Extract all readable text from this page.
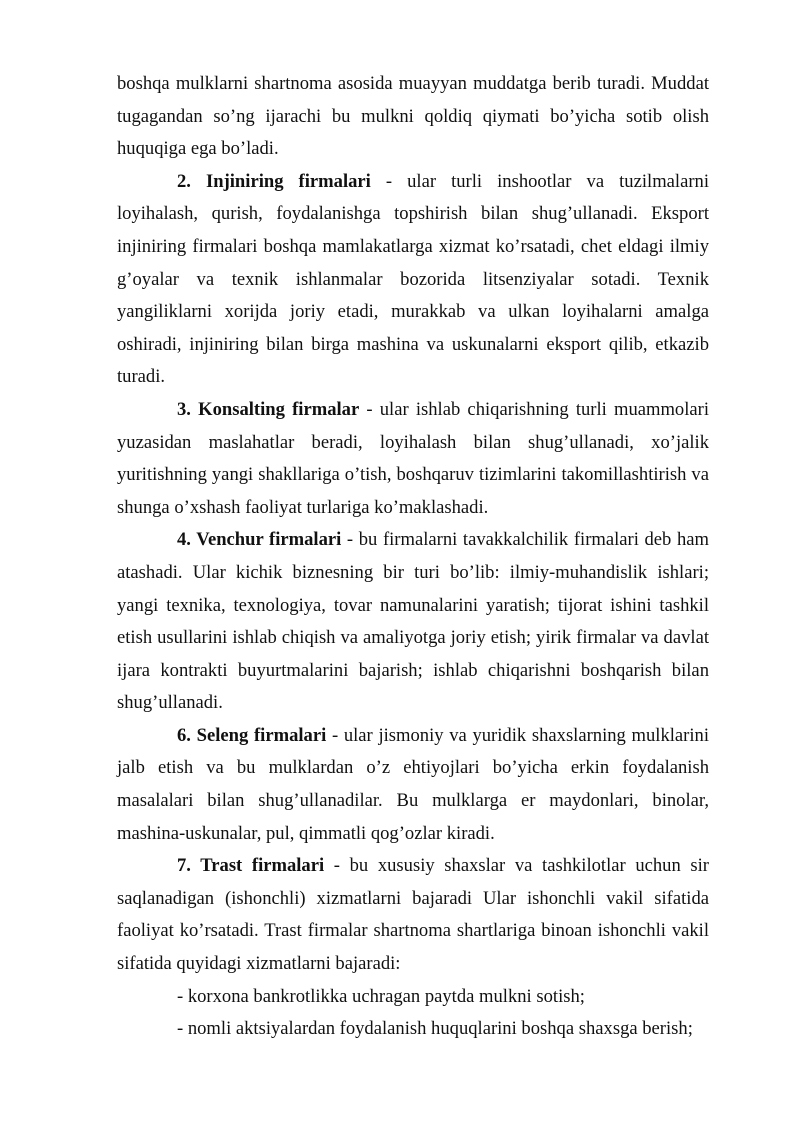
boshqa mulklarni shartnoma asosida muayyan muddatga berib turadi. Muddat tugagandan so’ng ijarachi bu mulkni qoldiq qiymati bo’yicha sotib olish huquqiga ega bo’ladi.

2. Injiniring firmalari - ular turli inshootlar va tuzilmalarni loyihalash, qurish, foydalanishga topshirish bilan shug’ullanadi. Eksport injiniring firmalari boshqa mamlakatlarga xizmat ko’rsatadi, chet eldagi ilmiy g’oyalar va texnik ishlanmalar bozorida litsenziyalar sotadi. Texnik yangiliklarni xorijda joriy etadi, murakkab va ulkan loyihalarni amalga oshiradi, injiniring bilan birga mashina va uskunalarni eksport qilib, etkazib turadi.

3. Konsalting firmalar - ular ishlab chiqarishning turli muammolari yuzasidan maslahatlar beradi, loyihalash bilan shug’ullanadi, xo’jalik yuritishning yangi shakllariga o’tish, boshqaruv tizimlarini takomillashtirish va shunga o’xshash faoliyat turlariga ko’maklashadi.

4. Venchur firmalari - bu firmalarni tavakkalchilik firmalari deb ham atashadi. Ular kichik biznesning bir turi bo’lib: ilmiy-muhandislik ishlari; yangi texnika, texnologiya, tovar namunalarini yaratish; tijorat ishini tashkil etish usullarini ishlab chiqish va amaliyotga joriy etish; yirik firmalar va davlat ijara kontrakti buyurtmalarini bajarish; ishlab chiqarishni boshqarish bilan shug’ullanadi.

6. Seleng firmalari - ular jismoniy va yuridik shaxslarning mulklarini jalb etish va bu mulklardan o’z ehtiyojlari bo’yicha erkin foydalanish masalalari bilan shug’ullanadilar. Bu mulklarga er maydonlari, binolar, mashina-uskunalar, pul, qimmatli qog’ozlar kiradi.

7. Trast firmalari - bu xususiy shaxslar va tashkilotlar uchun sir saqlanadigan (ishonchli) xizmatlarni bajaradi Ular ishonchli vakil sifatida faoliyat ko’rsatadi. Trast firmalar shartnoma shartlariga binoan ishonchli vakil sifatida quyidagi xizmatlarni bajaradi:

- korxona bankrotlikka uchragan paytda mulkni sotish;

- nomli aktsiyalardan foydalanish huquqlarini boshqa shaxsga berish;
